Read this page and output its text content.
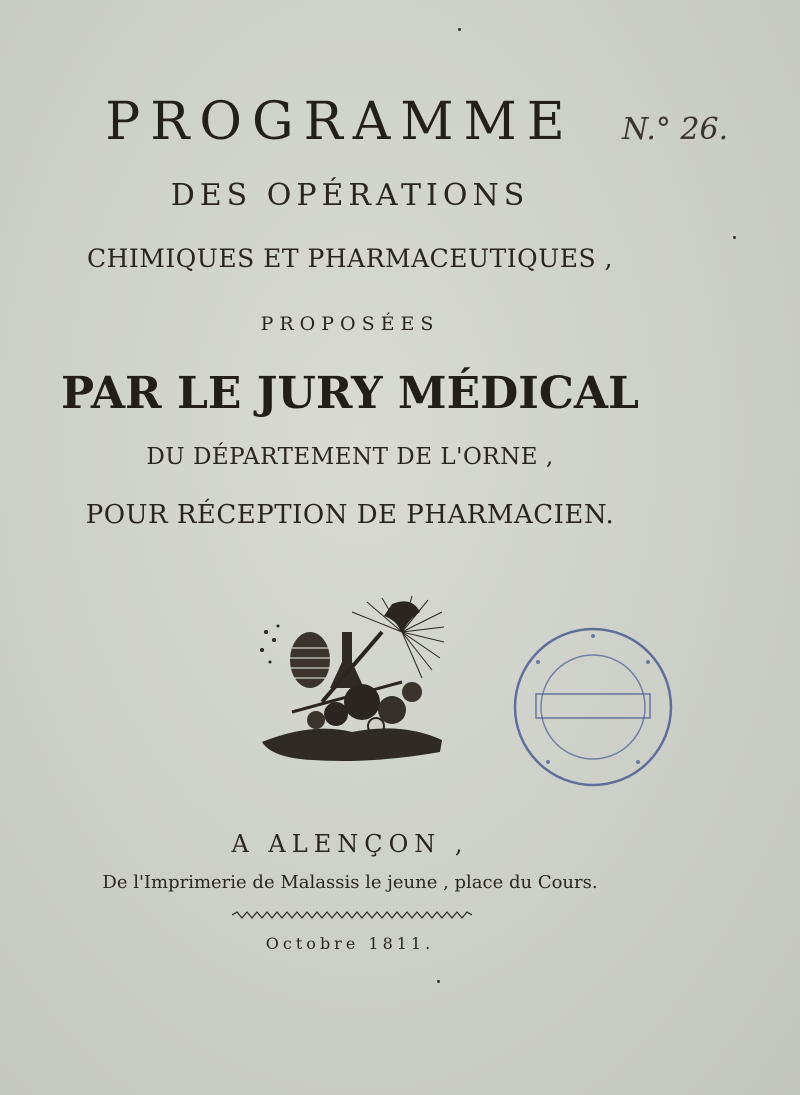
PROGRAMME	N.° 26.
DES OPÉRATIONS
CHIMIQUES ET PHARMACEUTIQUES ,
PROPOSÉES
PAR LE JURY MÉDICAL
DU DÉPARTEMENT DE L'ORNE ,
POUR RÉCEPTION DE PHARMACIEN.
A ALENÇON ,
De l'Imprimerie de Malassis le jeune , place du Cours.
Octobre 1811.
